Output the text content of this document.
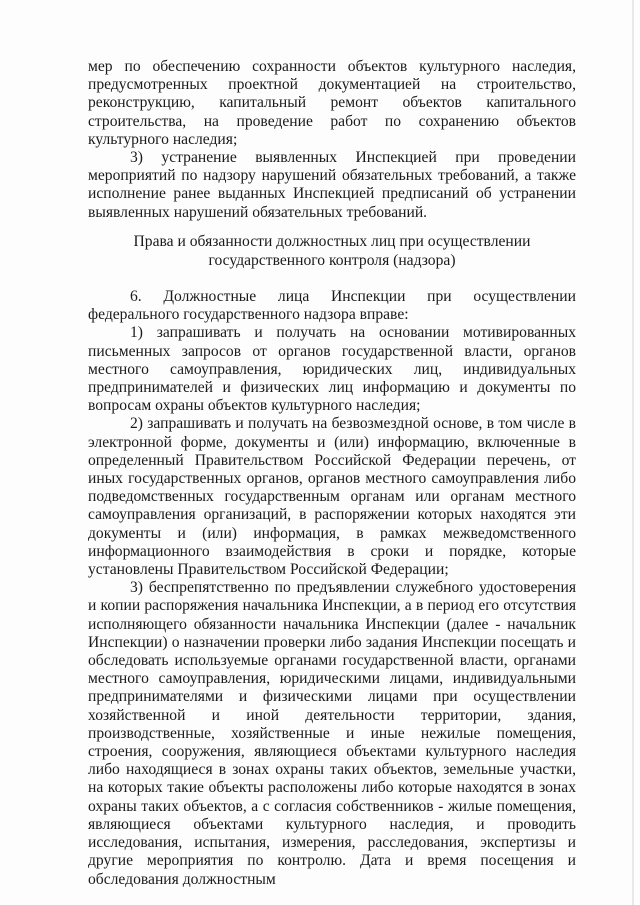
мер по обеспечению сохранности объектов культурного наследия, предусмотренных проектной документацией на строительство, реконструкцию, капитальный ремонт объектов капитального строительства, на проведение работ по сохранению объектов культурного наследия;

3) устранение выявленных Инспекцией при проведении мероприятий по надзору нарушений обязательных требований, а также исполнение ранее выданных Инспекцией предписаний об устранении выявленных нарушений обязательных требований.

Права и обязанности должностных лиц при осуществлении

государственного контроля (надзора)

6. Должностные лица Инспекции при осуществлении федерального государственного надзора вправе:

1) запрашивать и получать на основании мотивированных письменных запросов от органов государственной власти, органов местного самоуправления, юридических лиц, индивидуальных предпринимателей и физических лиц информацию и документы по вопросам охраны объектов культурного наследия;

2) запрашивать и получать на безвозмездной основе, в том числе в электронной форме, документы и (или) информацию, включенные в определенный Правительством Российской Федерации перечень, от иных государственных органов, органов местного самоуправления либо подведомственных государственным органам или органам местного самоуправления организаций, в распоряжении которых находятся эти документы и (или) информация, в рамках межведомственного информационного взаимодействия в сроки и порядке, которые установлены Правительством Российской Федерации;

3) беспрепятственно по предъявлении служебного удостоверения и копии распоряжения начальника Инспекции, а в период его отсутствия исполняющего обязанности начальника Инспекции (далее - начальник Инспекции) о назначении проверки либо задания Инспекции посещать и обследовать используемые органами государственной власти, органами местного самоуправления, юридическими лицами, индивидуальными предпринимателями и физическими лицами при осуществлении хозяйственной и иной деятельности территории, здания, производственные, хозяйственные и иные нежилые помещения, строения, сооружения, являющиеся объектами культурного наследия либо находящиеся в зонах охраны таких объектов, земельные участки, на которых такие объекты расположены либо которые находятся в зонах охраны таких объектов, а с согласия собственников - жилые помещения, являющиеся объектами культурного наследия, и проводить исследования, испытания, измерения, расследования, экспертизы и другие мероприятия по контролю. Дата и время посещения и обследования должностным
